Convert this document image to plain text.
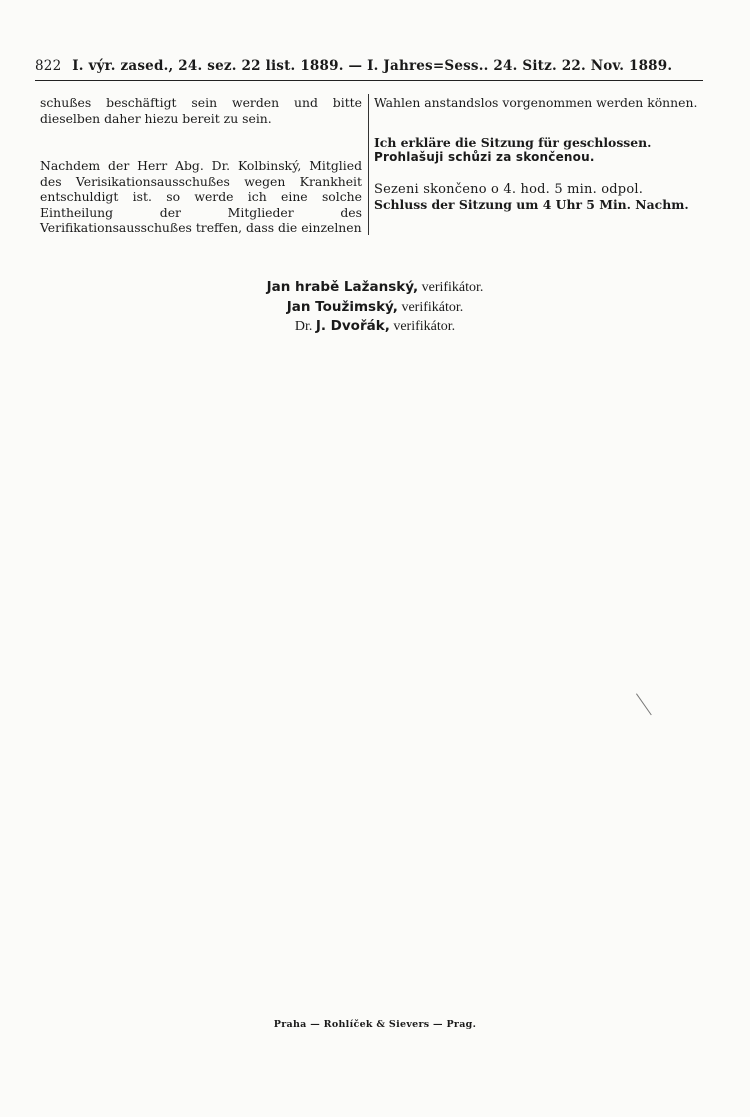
822 I. výr. zased., 24. sez. 22 list. 1889. — I. Jahres=Sess.. 24. Sitz. 22. Nov. 1889.

schußes beschäftigt sein werden und bitte dieselben daher hiezu bereit zu sein.

Nachdem der Herr Abg. Dr. Kolbinský, Mitglied des Verisikationsausschußes wegen Krankheit entschuldigt ist. so werde ich eine solche Eintheilung der Mitglieder des Verifikationsausschußes treffen, dass die einzelnen

Wahlen anstandslos vorgenommen werden können.

Ich erkläre die Sitzung für geschlossen.

Prohlašuji schůzi za skončenou.

Sezeni skončeno o 4. hod. 5 min. odpol.

Schluss der Sitzung um 4 Uhr 5 Min. Nachm.

Jan hrabě Lažanský, verifikátor.
Jan Toužimský, verifikátor.
Dr. J. Dvořák, verifikátor.
Praha — Rohlíček & Sievers — Prag.
